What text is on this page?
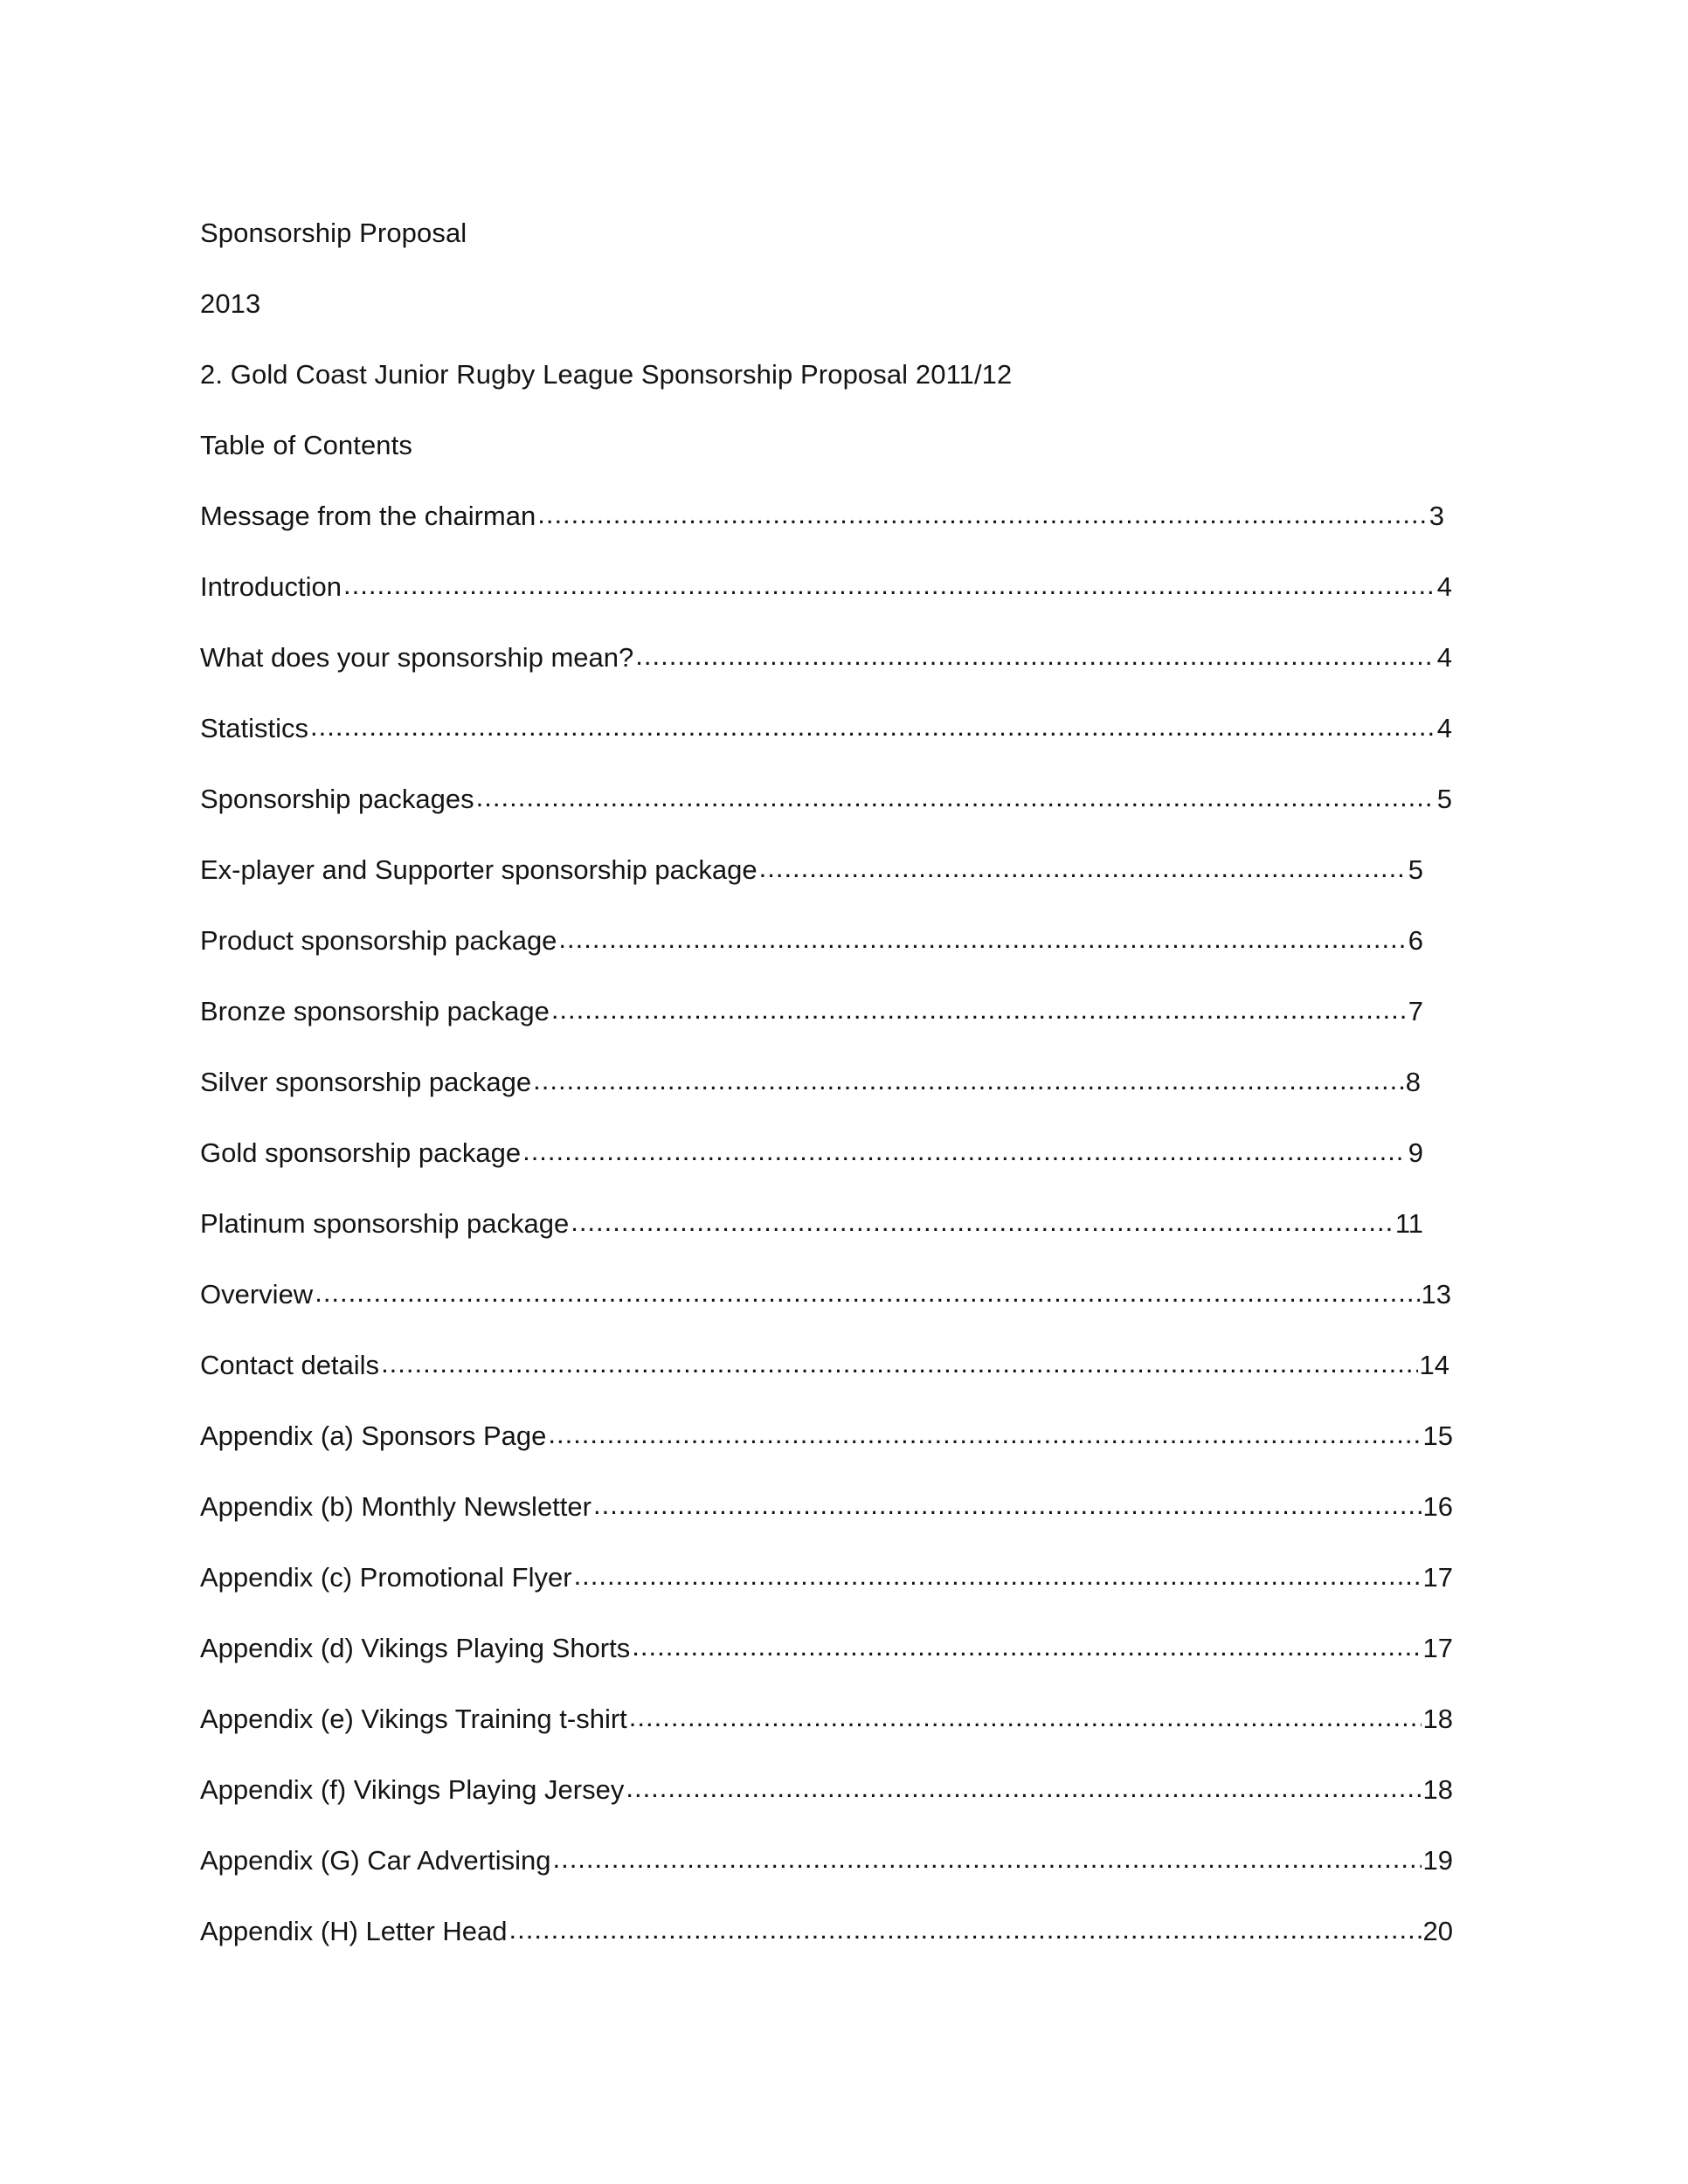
Sponsorship Proposal
2013
2. Gold Coast Junior Rugby League Sponsorship Proposal 2011/12
Table of Contents
Message from the chairman .....	3
Introduction .....	4
What does your sponsorship mean? .....	4
Statistics .....	4
Sponsorship packages .....	5
Ex-player and Supporter sponsorship package .....	5
Product sponsorship package .....	6
Bronze sponsorship package .....	7
Silver sponsorship package .....	8
Gold sponsorship package .....	9
Platinum sponsorship package .....	11
Overview .....	13
Contact details .....	14
Appendix (a) Sponsors Page .....	15
Appendix (b) Monthly Newsletter .....	16
Appendix (c) Promotional Flyer .....	17
Appendix (d) Vikings Playing Shorts .....	17
Appendix (e) Vikings Training t-shirt .....	18
Appendix (f) Vikings Playing Jersey .....	18
Appendix (G) Car Advertising .....	19
Appendix (H) Letter Head .....	20
